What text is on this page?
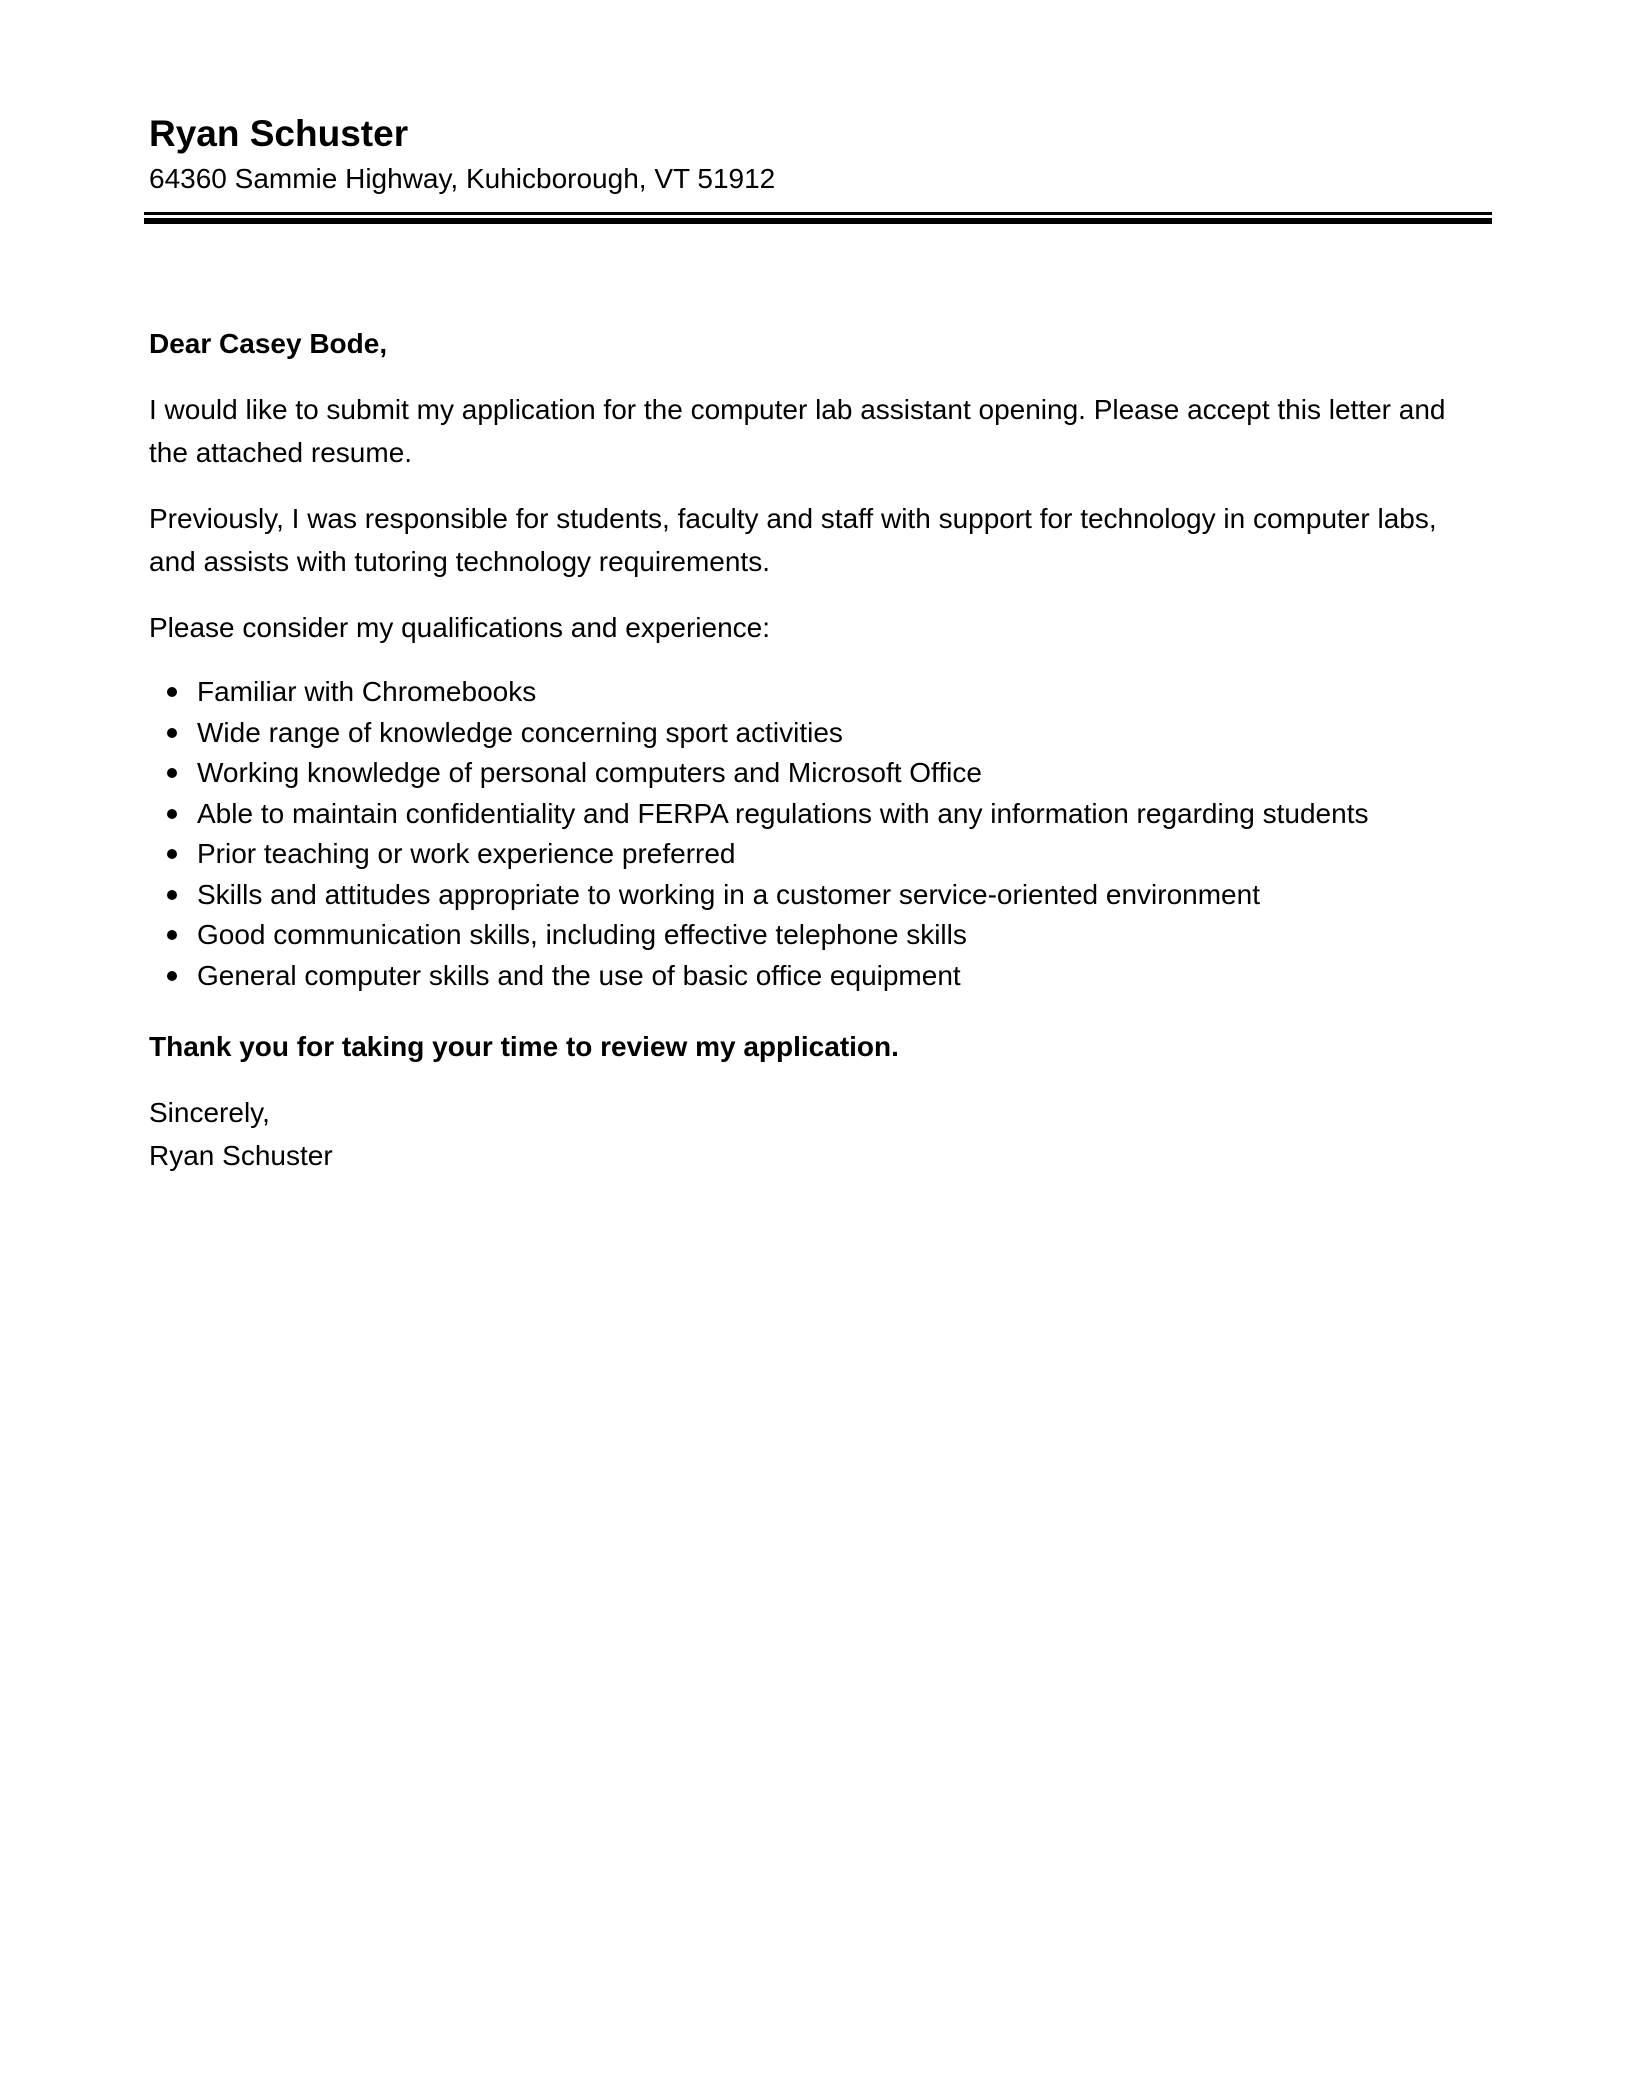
Ryan Schuster

64360 Sammie Highway, Kuhicborough, VT 51912

Dear Casey Bode,

I would like to submit my application for the computer lab assistant opening. Please accept this letter and the attached resume.

Previously, I was responsible for students, faculty and staff with support for technology in computer labs, and assists with tutoring technology requirements.

Please consider my qualifications and experience:

Familiar with Chromebooks
Wide range of knowledge concerning sport activities
Working knowledge of personal computers and Microsoft Office
Able to maintain confidentiality and FERPA regulations with any information regarding students
Prior teaching or work experience preferred
Skills and attitudes appropriate to working in a customer service-oriented environment
Good communication skills, including effective telephone skills
General computer skills and the use of basic office equipment

Thank you for taking your time to review my application.

Sincerely,

Ryan Schuster
